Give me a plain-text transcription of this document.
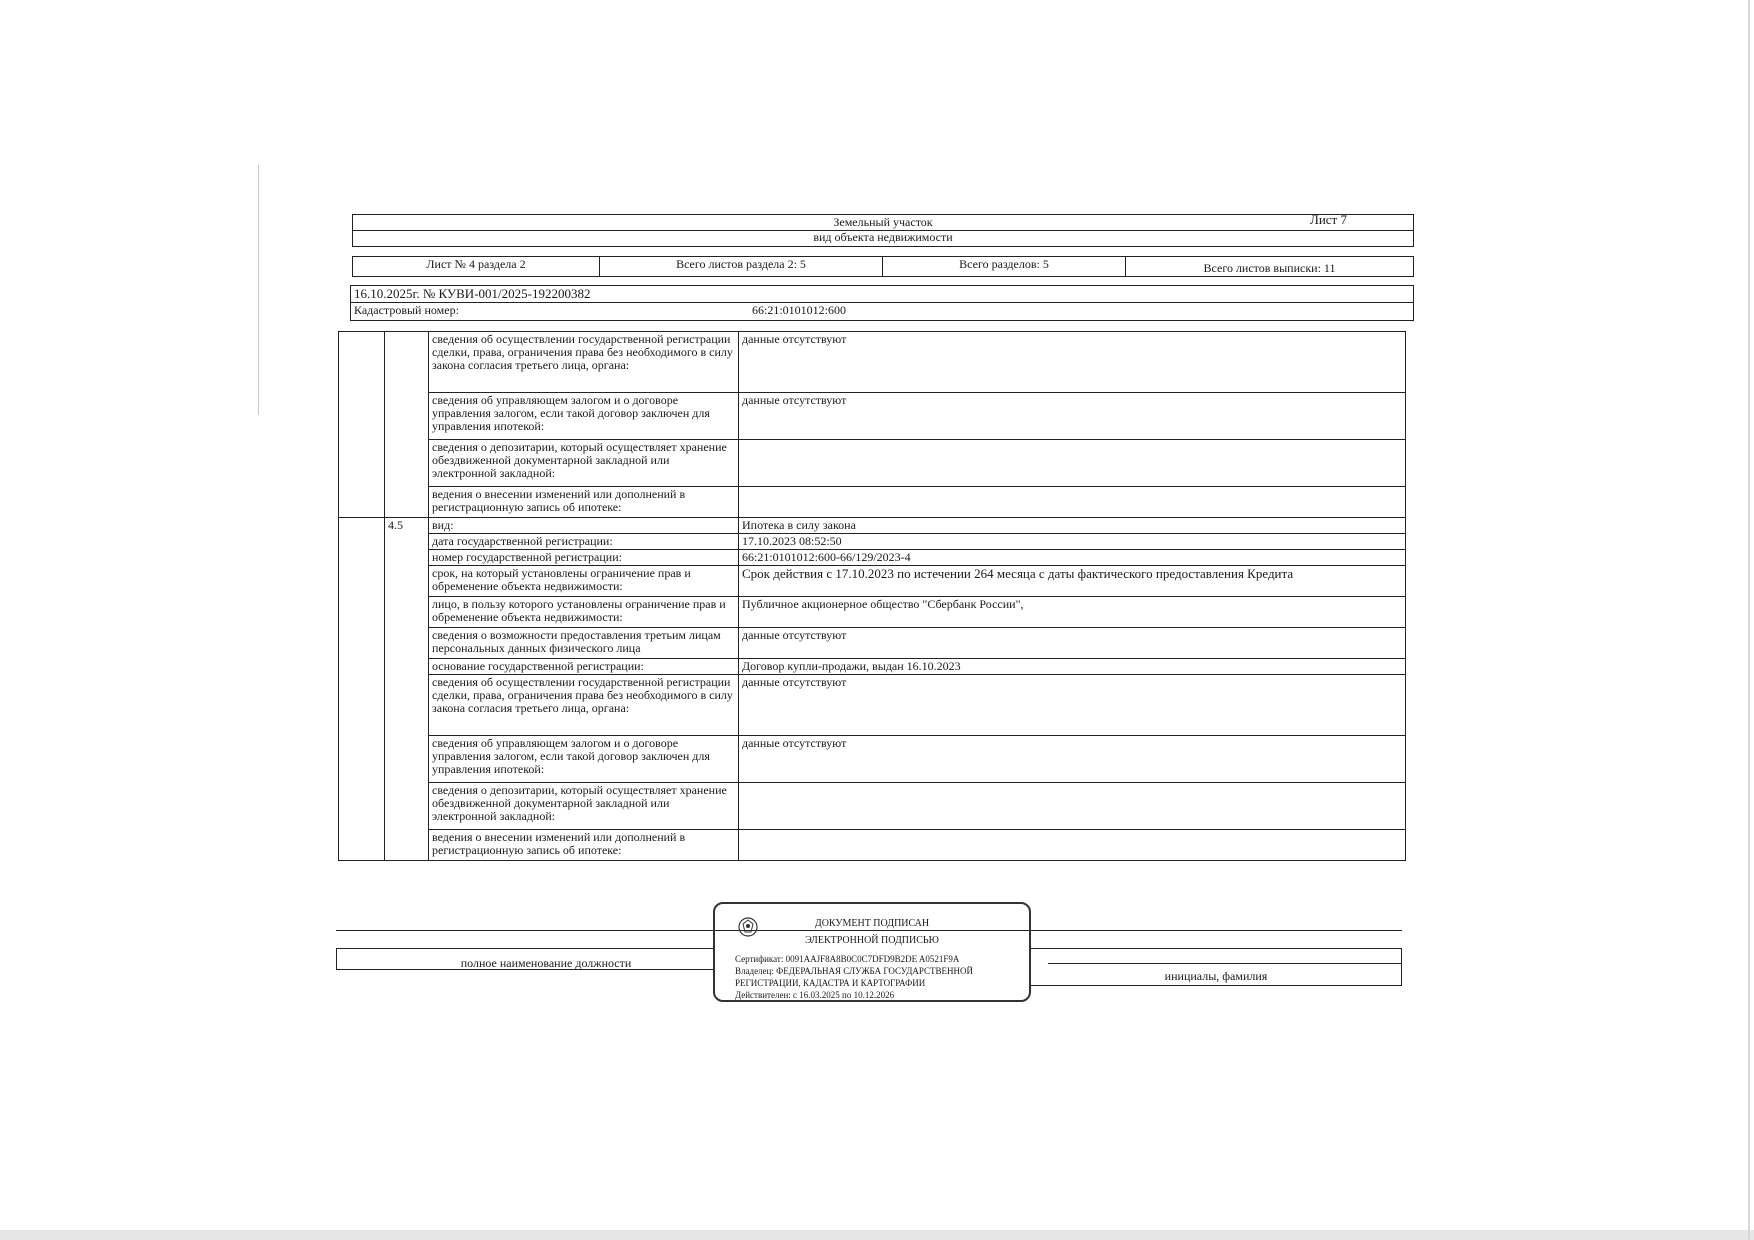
Лист 7
Земельный участок
вид объекта недвижимости
Лист № 4 раздела 2	Всего листов раздела 2: 5	Всего разделов: 5	Всего листов выписки: 11
16.10.2025г. № КУВИ-001/2025-192200382
Кадастровый номер:	66:21:0101012:600
		сведения об осуществлении государственной регистрации сделки, права, ограничения права без необходимого в силу закона согласия третьего лица, органа:	данные отсутствуют
		сведения об управляющем залогом и о договоре управления залогом, если такой договор заключен для управления ипотекой:	данные отсутствуют
		сведения о депозитарии, который осуществляет хранение обездвиженной документарной закладной или электронной закладной:	
		ведения о внесении изменений или дополнений в регистрационную запись об ипотеке:	
	4.5	вид:	Ипотека в силу закона
		дата государственной регистрации:	17.10.2023 08:52:50
		номер государственной регистрации:	66:21:0101012:600-66/129/2023-4
		срок, на который установлены ограничение прав и обременение объекта недвижимости:	Срок действия с 17.10.2023 по истечении 264 месяца с даты фактического предоставления Кредита
		лицо, в пользу которого установлены ограничение прав и обременение объекта недвижимости:	Публичное акционерное общество "Сбербанк России",
		сведения о возможности предоставления третьим лицам персональных данных физического лица	данные отсутствуют
		основание государственной регистрации:	Договор купли-продажи, выдан 16.10.2023
		сведения об осуществлении государственной регистрации сделки, права, ограничения права без необходимого в силу закона согласия третьего лица, органа:	данные отсутствуют
		сведения об управляющем залогом и о договоре управления залогом, если такой договор заключен для управления ипотекой:	данные отсутствуют
		сведения о депозитарии, который осуществляет хранение обездвиженной документарной закладной или электронной закладной:	
		ведения о внесении изменений или дополнений в регистрационную запись об ипотеке:	
полное наименование должности
инициалы, фамилия
ДОКУМЕНТ ПОДПИСАН
ЭЛЕКТРОННОЙ ПОДПИСЬЮ
Сертификат: 0091AAJF8A8B0C0C7DFD9B2DE A0521F9A
Владелец: ФЕДЕРАЛЬНАЯ СЛУЖБА ГОСУДАРСТВЕННОЙ
РЕГИСТРАЦИИ, КАДАСТРА И КАРТОГРАФИИ
Действителен: с 16.03.2025 по 10.12.2026
